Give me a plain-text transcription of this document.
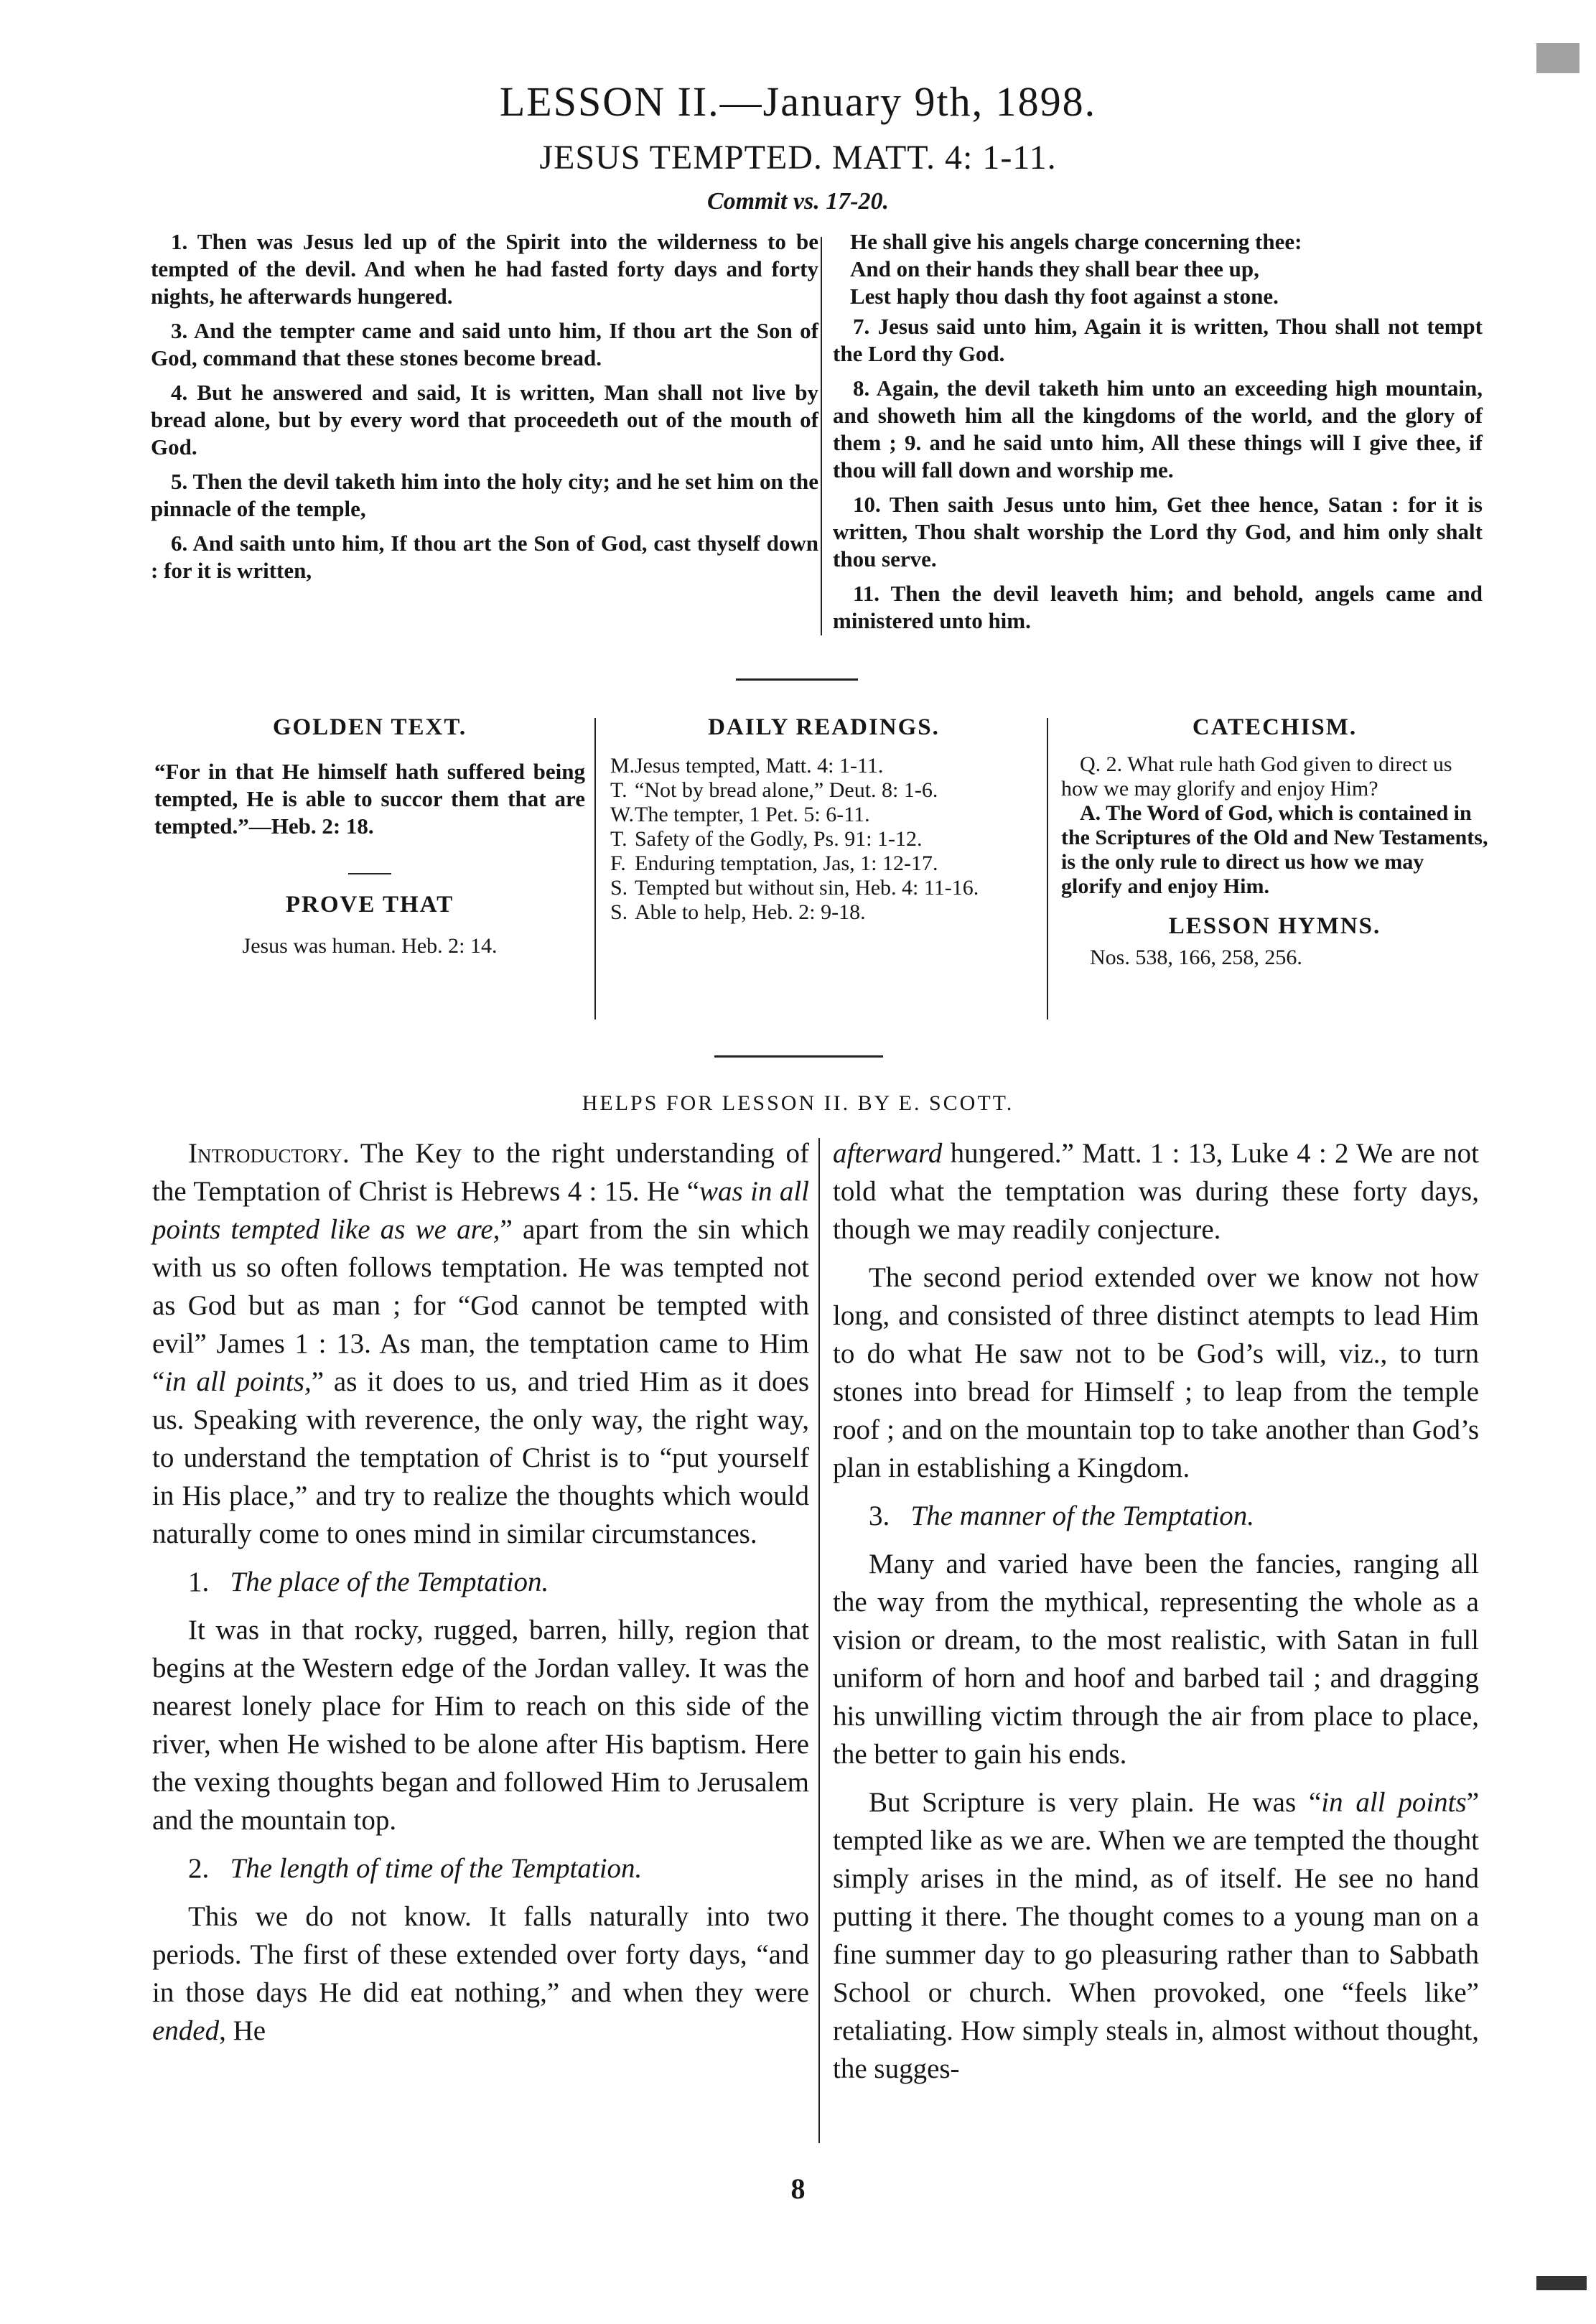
LESSON II.—January 9th, 1898.
JESUS TEMPTED. MATT. 4: 1-11.
Commit vs. 17-20.

1. Then was Jesus led up of the Spirit into the wilderness to be tempted of the devil. And when he had fasted forty days and forty nights, he afterwards hungered.

3. And the tempter came and said unto him, If thou art the Son of God, command that these stones become bread.

4. But he answered and said, It is written, Man shall not live by bread alone, but by every word that proceedeth out of the mouth of God.

5. Then the devil taketh him into the holy city; and he set him on the pinnacle of the temple,

6. And saith unto him, If thou art the Son of God, cast thyself down : for it is written,

He shall give his angels charge concerning thee:

And on their hands they shall bear thee up,

Lest haply thou dash thy foot against a stone.

7. Jesus said unto him, Again it is written, Thou shall not tempt the Lord thy God.

8. Again, the devil taketh him unto an exceeding high mountain, and showeth him all the kingdoms of the world, and the glory of them ; 9. and he said unto him, All these things will I give thee, if thou will fall down and worship me.

10. Then saith Jesus unto him, Get thee hence, Satan : for it is written, Thou shalt worship the Lord thy God, and him only shalt thou serve.

11. Then the devil leaveth him; and behold, angels came and ministered unto him.

GOLDEN TEXT.
“For in that He himself hath suffered being tempted, He is able to succor them that are tempted.”—Heb. 2: 18.
PROVE THAT
Jesus was human. Heb. 2: 14.
DAILY READINGS.
M. Jesus tempted, Matt. 4: 1-11.
T. “Not by bread alone,” Deut. 8: 1-6.
W. The tempter, 1 Pet. 5: 6-11.
T. Safety of the Godly, Ps. 91: 1-12.
F. Enduring temptation, Jas, 1: 12-17.
S. Tempted but without sin, Heb. 4: 11-16.
S. Able to help, Heb. 2: 9-18.
CATECHISM.
Q. 2. What rule hath God given to direct us how we may glorify and enjoy Him?
A. The Word of God, which is contained in the Scriptures of the Old and New Testaments, is the only rule to direct us how we may glorify and enjoy Him.
LESSON HYMNS.
Nos. 538, 166, 258, 256.
HELPS FOR LESSON II. BY E. SCOTT.

Introductory. The Key to the right understanding of the Temptation of Christ is Hebrews 4 : 15. He “was in all points tempted like as we are,” apart from the sin which with us so often follows temptation. He was tempted not as God but as man ; for “God cannot be tempted with evil” James 1 : 13. As man, the temptation came to Him “in all points,” as it does to us, and tried Him as it does us. Speaking with reverence, the only way, the right way, to understand the temptation of Christ is to “put yourself in His place,” and try to realize the thoughts which would naturally come to ones mind in similar circumstances.

1. The place of the Temptation.

It was in that rocky, rugged, barren, hilly, region that begins at the Western edge of the Jordan valley. It was the nearest lonely place for Him to reach on this side of the river, when He wished to be alone after His baptism. Here the vexing thoughts began and followed Him to Jerusalem and the mountain top.

2. The length of time of the Temptation.

This we do not know. It falls naturally into two periods. The first of these extended over forty days, “and in those days He did eat nothing,” and when they were ended, He

afterward hungered.” Matt. 1 : 13, Luke 4 : 2 We are not told what the temptation was during these forty days, though we may readily conjecture.

The second period extended over we know not how long, and consisted of three distinct atempts to lead Him to do what He saw not to be God’s will, viz., to turn stones into bread for Himself ; to leap from the temple roof ; and on the mountain top to take another than God’s plan in establishing a Kingdom.

3. The manner of the Temptation.

Many and varied have been the fancies, ranging all the way from the mythical, representing the whole as a vision or dream, to the most realistic, with Satan in full uniform of horn and hoof and barbed tail ; and dragging his unwilling victim through the air from place to place, the better to gain his ends.

But Scripture is very plain. He was “in all points” tempted like as we are. When we are tempted the thought simply arises in the mind, as of itself. He see no hand putting it there. The thought comes to a young man on a fine summer day to go pleasuring rather than to Sabbath School or church. When provoked, one “feels like” retaliating. How simply steals in, almost without thought, the sugges-

8
